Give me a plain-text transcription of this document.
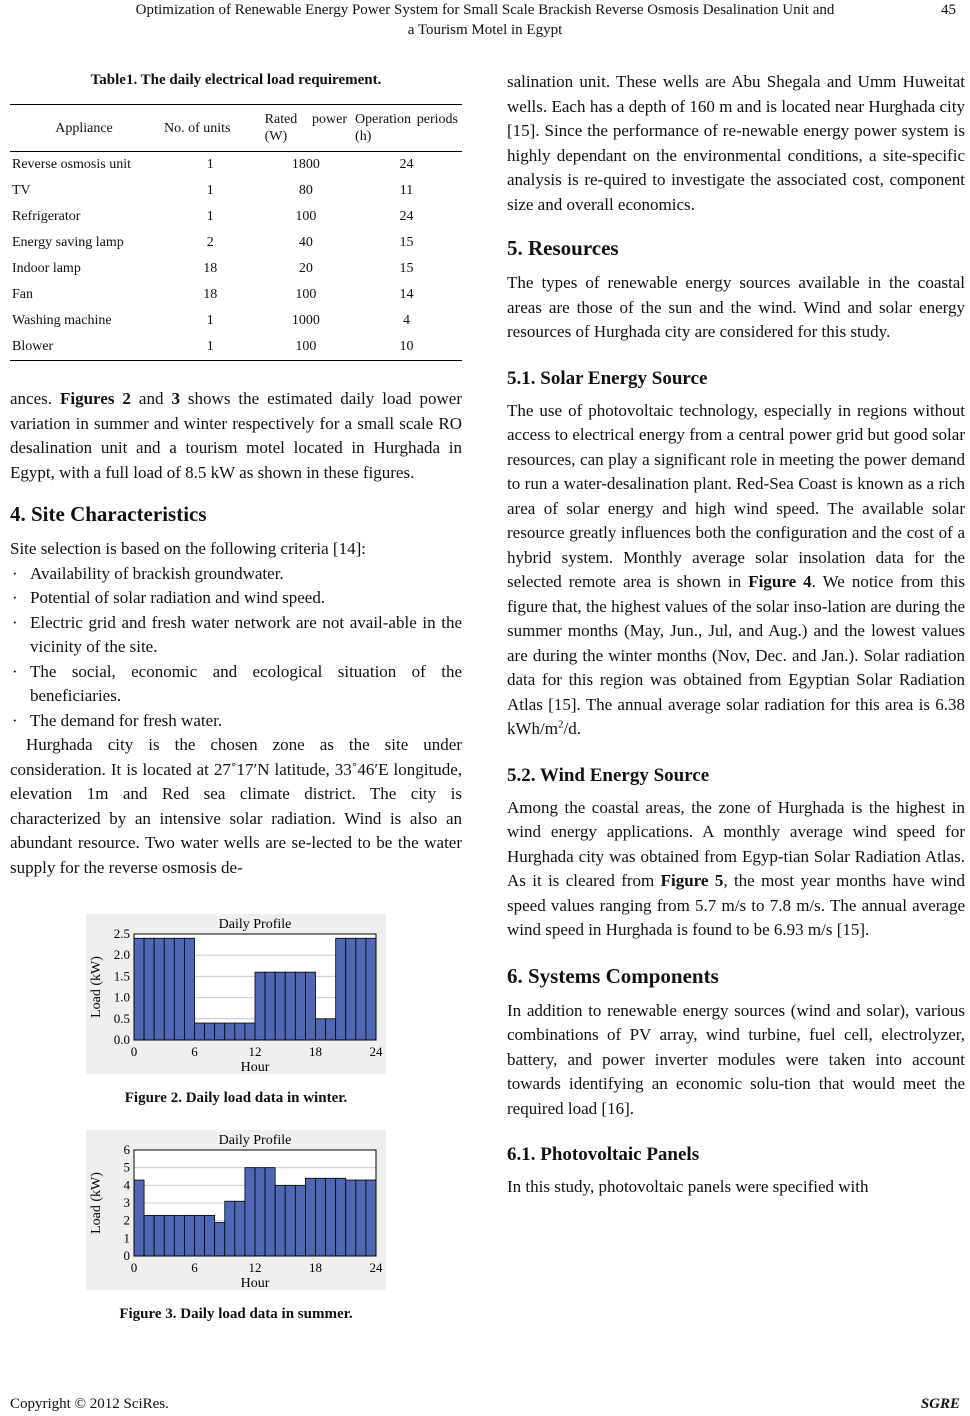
Optimization of Renewable Energy Power System for Small Scale Brackish Reverse Osmosis Desalination Unit and
a Tourism Motel in Egypt
45
Table1. The daily electrical load requirement.
Appliance	No. of units	Rated power (W)	Operation periods (h)
Reverse osmosis unit	1	1800	24
TV	1	80	11
Refrigerator	1	100	24
Energy saving lamp	2	40	15
Indoor lamp	18	20	15
Fan	18	100	14
Washing machine	1	1000	4
Blower	1	100	10

ances. Figures 2 and 3 shows the estimated daily load power variation in summer and winter respectively for a small scale RO desalination unit and a tourism motel located in Hurghada in Egypt, with a full load of 8.5 kW as shown in these figures.

4. Site Characteristics

Site selection is based on the following criteria [14]:

· Availability of brackish groundwater.
· Potential of solar radiation and wind speed.
· Electric grid and fresh water network are not avail-able in the vicinity of the site.
· The social, economic and ecological situation of the beneficiaries.
· The demand for fresh water.

Hurghada city is the chosen zone as the site under consideration. It is located at 27˚17′N latitude, 33˚46′E longitude, elevation 1m and Red sea climate district. The city is characterized by an intensive solar radiation. Wind is also an abundant resource. Two water wells are se-lected to be the water supply for the reverse osmosis de-

0.0
0.5
1.0
1.5
2.0
2.5
0	6	12	18	24
Daily Profile
Hour
Load (kW)
Figure 2. Daily load data in winter.
0
1
2
3
4
5
6
0	6	12	18	24
Daily Profile
Hour
Load (kW)
Figure 3. Daily load data in summer.

salination unit. These wells are Abu Shegala and Umm Huweitat wells. Each has a depth of 160 m and is located near Hurghada city [15]. Since the performance of re-newable energy power system is highly dependant on the environmental conditions, a site-specific analysis is re-quired to investigate the associated cost, component size and overall economics.

5. Resources

The types of renewable energy sources available in the coastal areas are those of the sun and the wind. Wind and solar energy resources of Hurghada city are considered for this study.

5.1. Solar Energy Source

The use of photovoltaic technology, especially in regions without access to electrical energy from a central power grid but good solar resources, can play a significant role in meeting the power demand to run a water-desalination plant. Red-Sea Coast is known as a rich area of solar energy and high wind speed. The available solar resource greatly influences both the configuration and the cost of a hybrid system. Monthly average solar insolation data for the selected remote area is shown in Figure 4. We notice from this figure that, the highest values of the solar inso-lation are during the summer months (May, Jun., Jul, and Aug.) and the lowest values are during the winter months (Nov, Dec. and Jan.). Solar radiation data for this region was obtained from Egyptian Solar Radiation Atlas [15]. The annual average solar radiation for this area is 6.38 kWh/$m^2/d$.

5.2. Wind Energy Source

Among the coastal areas, the zone of Hurghada is the highest in wind energy applications. A monthly average wind speed for Hurghada city was obtained from Egyp-tian Solar Radiation Atlas. As it is cleared from Figure 5, the most year months have wind speed values ranging from 5.7 m/s to 7.8 m/s. The annual average wind speed in Hurghada is found to be 6.93 m/s [15].

6. Systems Components

In addition to renewable energy sources (wind and solar), various combinations of PV array, wind turbine, fuel cell, electrolyzer, battery, and power inverter modules were taken into account towards identifying an economic solu-tion that would meet the required load [16].

6.1. Photovoltaic Panels

In this study, photovoltaic panels were specified with

Copyright © 2012 SciRes.	SGRE
